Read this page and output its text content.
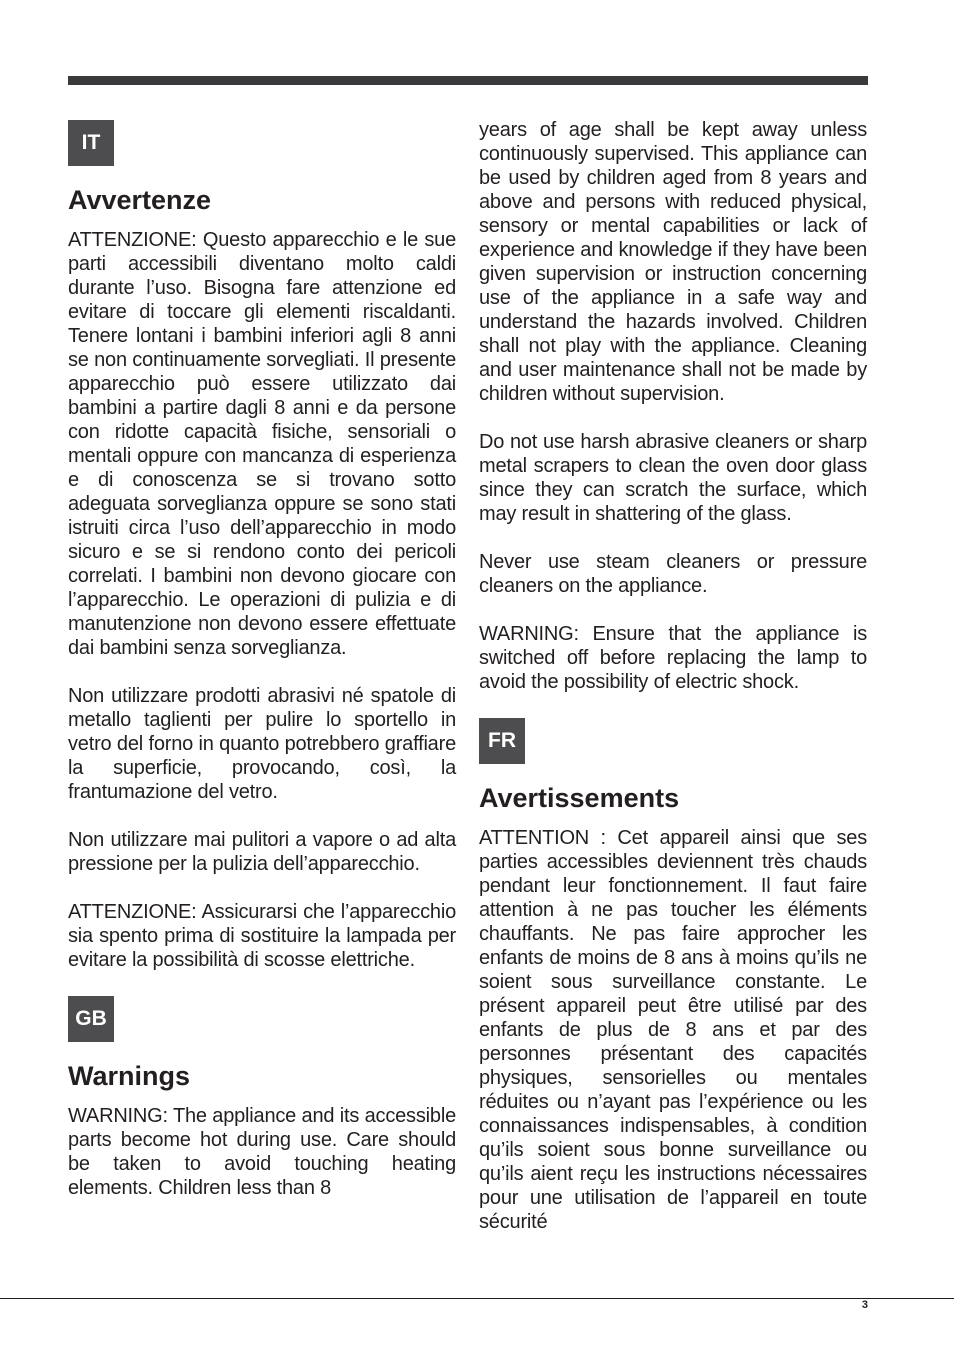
IT
Avvertenze

ATTENZIONE: Questo apparecchio e le sue parti accessibili diventano molto caldi durante l’uso. Bisogna fare attenzione ed evitare di toccare gli elementi riscaldanti. Tenere lontani i bambini inferiori agli 8 anni se non continuamente sorvegliati. Il presente apparecchio può essere utilizzato dai bambini a partire dagli 8 anni e da persone con ridotte capacità fisiche, sensoriali o mentali oppure con mancanza di esperienza e di conoscenza se si trovano sotto adeguata sorveglianza oppure se sono stati istruiti circa l’uso dell’apparecchio in modo sicuro e se si rendono conto dei pericoli correlati. I bambini non devono giocare con l’apparecchio. Le operazioni di pulizia e di manutenzione non devono essere effettuate dai bambini senza sorveglianza.

Non utilizzare prodotti abrasivi né spatole di metallo taglienti per pulire lo sportello in vetro del forno in quanto potrebbero graffiare la superficie, provocando, così, la frantumazione del vetro.

Non utilizzare mai pulitori a vapore o ad alta pressione per la pulizia dell’apparecchio.

ATTENZIONE: Assicurarsi che l’apparecchio sia spento prima di sostituire la lampada per evitare la possibilità di scosse elettriche.

GB
Warnings

WARNING: The appliance and its accessible parts become hot during use. Care should be taken to avoid touching heating elements. Children less than 8

years of age shall be kept away unless continuously supervised. This appliance can be used by children aged from 8 years and above and persons with reduced physical, sensory or mental capabilities or lack of experience and knowledge if they have been given supervision or instruction concerning use of the appliance in a safe way and understand the hazards involved. Children shall not play with the appliance. Cleaning and user maintenance shall not be made by children without supervision.

Do not use harsh abrasive cleaners or sharp metal scrapers to clean the oven door glass since they can scratch the surface, which may result in shattering of the glass.

Never use steam cleaners or pressure cleaners on the appliance.

WARNING: Ensure that the appliance is switched off before replacing the lamp to avoid the possibility of electric shock.

FR
Avertissements

ATTENTION : Cet appareil ainsi que ses parties accessibles deviennent très chauds pendant leur fonctionnement. Il faut faire attention à ne pas toucher les éléments chauffants. Ne pas faire approcher les enfants de moins de 8 ans à moins qu’ils ne soient sous surveillance constante. Le présent appareil peut être utilisé par des enfants de plus de 8 ans et par des personnes présentant des capacités physiques, sensorielles ou mentales réduites ou n’ayant pas l’expérience ou les connaissances indispensables, à condition qu’ils soient sous bonne surveillance ou qu’ils aient reçu les instructions nécessaires pour une utilisation de l’appareil en toute sécurité

3
